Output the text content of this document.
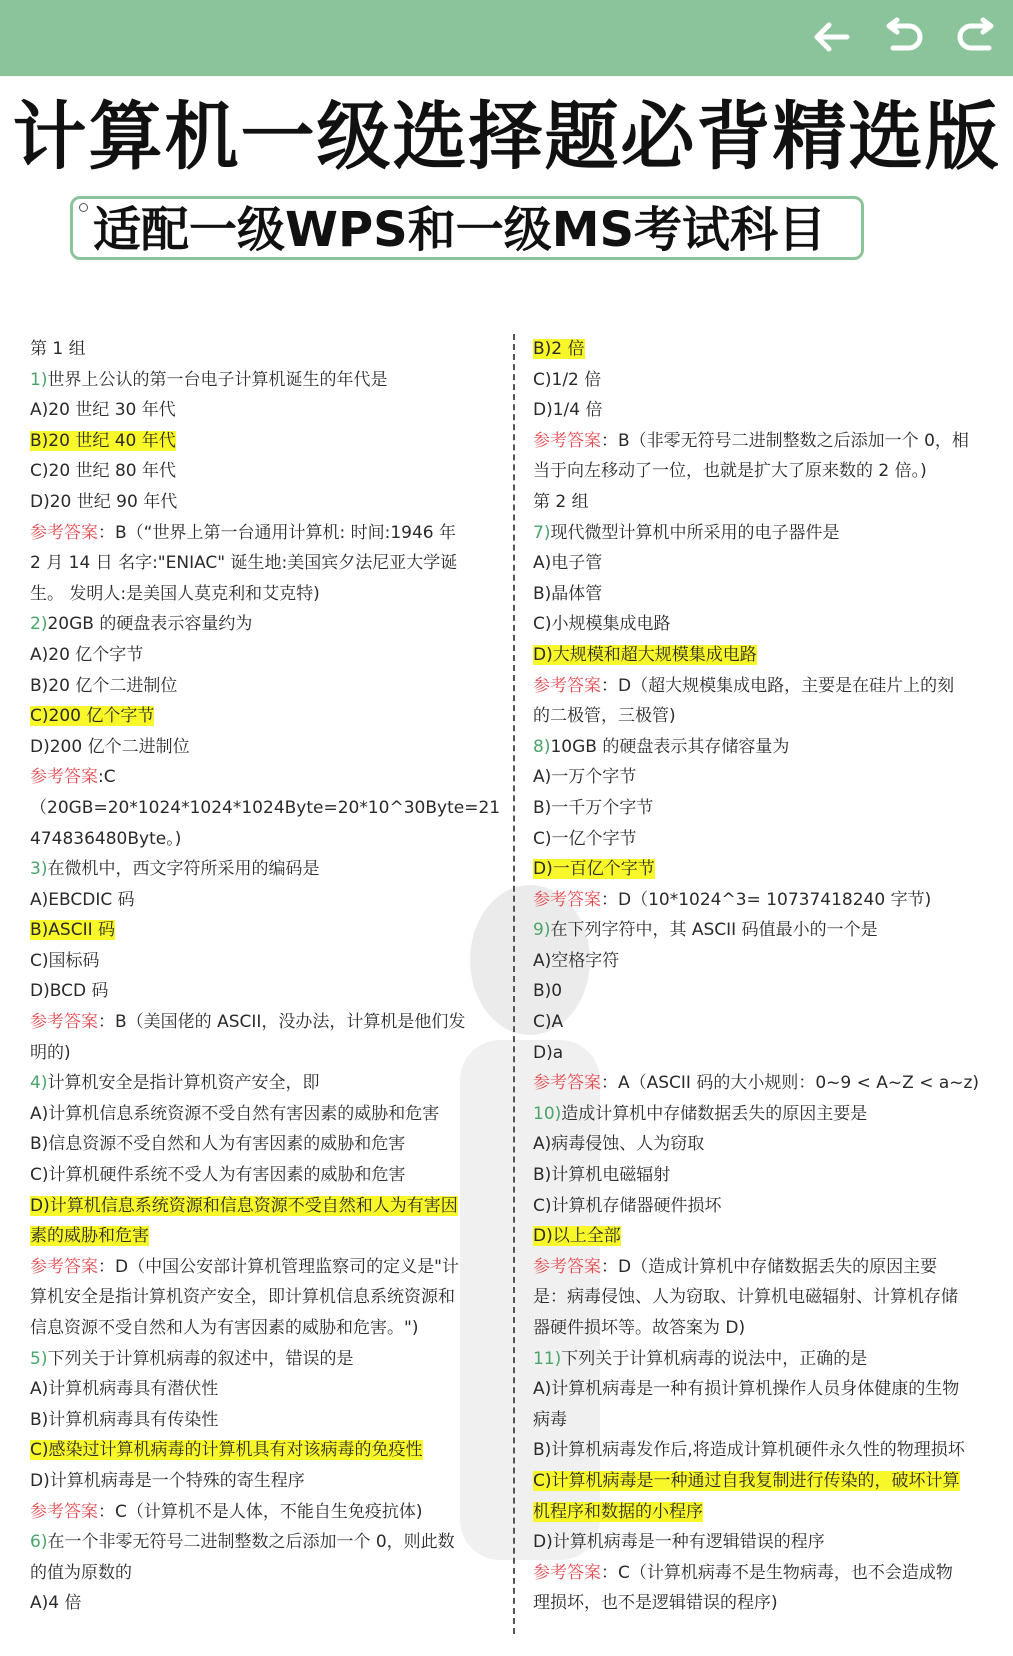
计算机一级选择题必背精选版
适配一级WPS和一级MS考试科目
第 1 组
1)世界上公认的第一台电子计算机诞生的年代是
A)20 世纪 30 年代
B)20 世纪 40 年代
C)20 世纪 80 年代
D)20 世纪 90 年代
参考答案：B（“世界上第一台通用计算机: 时间:1946 年
2 月 14 日 名字:"ENIAC" 诞生地:美国宾夕法尼亚大学诞
生。 发明人:是美国人莫克利和艾克特)
2)20GB 的硬盘表示容量约为
A)20 亿个字节
B)20 亿个二进制位
C)200 亿个字节
D)200 亿个二进制位
参考答案:C
（20GB=20*1024*1024*1024Byte=20*10^30Byte=21
474836480Byte。)
3)在微机中，西文字符所采用的编码是
A)EBCDIC 码
B)ASCII 码
C)国标码
D)BCD 码
参考答案：B（美国佬的 ASCII，没办法，计算机是他们发
明的)
4)计算机安全是指计算机资产安全，即
A)计算机信息系统资源不受自然有害因素的威胁和危害
B)信息资源不受自然和人为有害因素的威胁和危害
C)计算机硬件系统不受人为有害因素的威胁和危害
D)计算机信息系统资源和信息资源不受自然和人为有害因
素的威胁和危害
参考答案：D（中国公安部计算机管理监察司的定义是"计
算机安全是指计算机资产安全，即计算机信息系统资源和
信息资源不受自然和人为有害因素的威胁和危害。")
5)下列关于计算机病毒的叙述中，错误的是
A)计算机病毒具有潜伏性
B)计算机病毒具有传染性
C)感染过计算机病毒的计算机具有对该病毒的免疫性
D)计算机病毒是一个特殊的寄生程序
参考答案：C（计算机不是人体，不能自生免疫抗体)
6)在一个非零无符号二进制整数之后添加一个 0，则此数
的值为原数的
A)4 倍
B)2 倍
C)1/2 倍
D)1/4 倍
参考答案：B（非零无符号二进制整数之后添加一个 0，相
当于向左移动了一位，也就是扩大了原来数的 2 倍。)
第 2 组
7)现代微型计算机中所采用的电子器件是
A)电子管
B)晶体管
C)小规模集成电路
D)大规模和超大规模集成电路
参考答案：D（超大规模集成电路，主要是在硅片上的刻
的二极管，三极管)
8)10GB 的硬盘表示其存储容量为
A)一万个字节
B)一千万个字节
C)一亿个字节
D)一百亿个字节
参考答案：D（10*1024^3= 10737418240 字节)
9)在下列字符中，其 ASCII 码值最小的一个是
A)空格字符
B)0
C)A
D)a
参考答案：A（ASCII 码的大小规则：0~9 < A~Z < a~z)
10)造成计算机中存储数据丢失的原因主要是
A)病毒侵蚀、人为窃取
B)计算机电磁辐射
C)计算机存储器硬件损坏
D)以上全部
参考答案：D（造成计算机中存储数据丢失的原因主要
是：病毒侵蚀、人为窃取、计算机电磁辐射、计算机存储
器硬件损坏等。故答案为 D)
11)下列关于计算机病毒的说法中，正确的是
A)计算机病毒是一种有损计算机操作人员身体健康的生物
病毒
B)计算机病毒发作后,将造成计算机硬件永久性的物理损坏
C)计算机病毒是一种通过自我复制进行传染的，破坏计算
机程序和数据的小程序
D)计算机病毒是一种有逻辑错误的程序
参考答案：C（计算机病毒不是生物病毒，也不会造成物
理损坏，也不是逻辑错误的程序)
